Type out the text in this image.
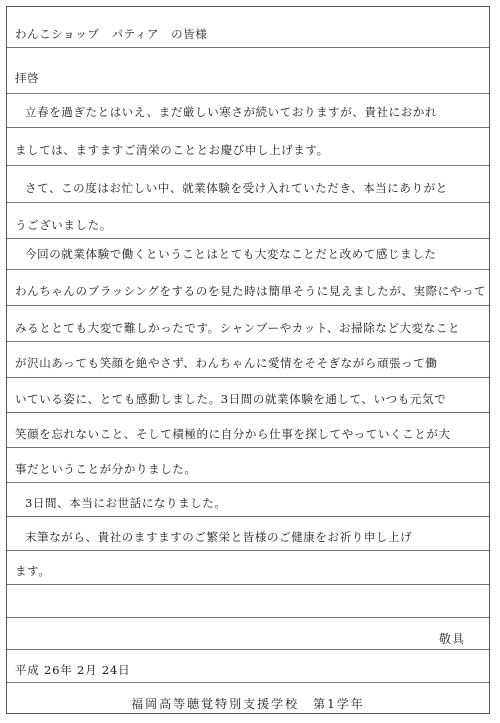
わんこショップ　パティア　の皆様
拝啓
立春を過ぎたとはいえ、まだ厳しい寒さが続いておりますが、貴社におかれ
ましては、ますますご清栄のこととお慶び申し上げます。
さて、この度はお忙しい中、就業体験を受け入れていただき、本当にありがと
うございました。
今回の就業体験で働くということはとても大変なことだと改めて感じました
わんちゃんのブラッシングをするのを見た時は簡単そうに見えましたが、実際にやって
みるととても大変で難しかったです。シャンプーやカット、お掃除など大変なこと
が沢山あっても笑顔を絶やさず、わんちゃんに愛情をそそぎながら頑張って働
いている姿に、とても感動しました。3日間の就業体験を通して、いつも元気で
笑顔を忘れないこと、そして積極的に自分から仕事を探してやっていくことが大
事だということが分かりました。
3日間、本当にお世話になりました。
末筆ながら、貴社のますますのご繁栄と皆様のご健康をお祈り申し上げ
ます。
敬具
平成 26年 2月 24日
福岡高等聴覚特別支援学校　第1学年
